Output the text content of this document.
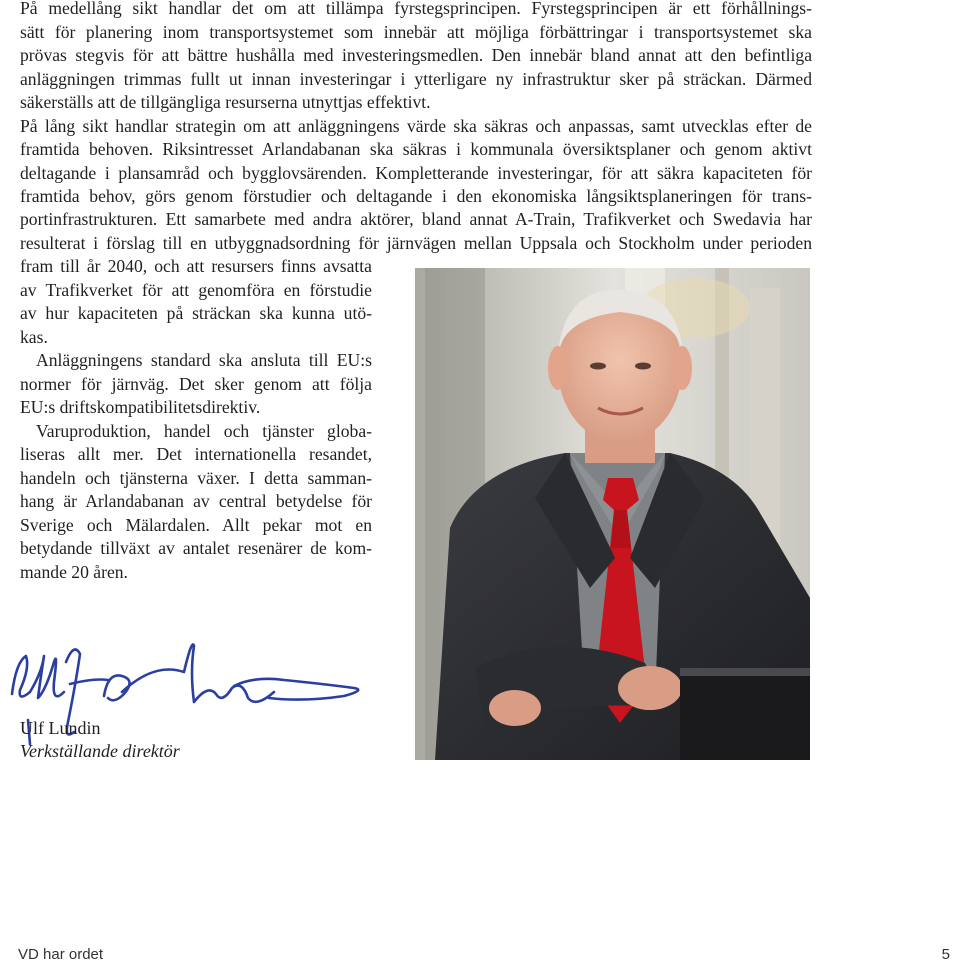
På medellång sikt handlar det om att tillämpa fyrstegsprincipen. Fyrstegsprincipen är ett förhållnings-

sätt för planering inom transportsystemet som innebär att möjliga förbättringar i transportsystemet ska

prövas stegvis för att bättre hushålla med investeringsmedlen. Den innebär bland annat att den befintliga

anläggningen trimmas fullt ut innan investeringar i ytterligare ny infrastruktur sker på sträckan. Därmed

säkerställs att de tillgängliga resurserna utnyttjas effektivt.

På lång sikt handlar strategin om att anläggningens värde ska säkras och anpassas, samt utvecklas efter de

framtida behoven. Riksintresset Arlandabanan ska säkras i kommunala översiktsplaner och genom aktivt

deltagande i plansamråd och bygglovsärenden. Kompletterande investeringar, för att säkra kapaciteten för

framtida behov, görs genom förstudier och deltagande i den ekonomiska långsiktsplaneringen för trans-

portinfrastrukturen. Ett samarbete med andra aktörer, bland annat A-Train, Trafikverket och Swedavia har

resulterat i förslag till en utbyggnadsordning för järnvägen mellan Uppsala och Stockholm under perioden

fram till år 2040, och att resursers finns avsatta

av Trafikverket för att genomföra en förstudie

av hur kapaciteten på sträckan ska kunna utö-

kas.

Anläggningens standard ska ansluta till EU:s

normer för järnväg. Det sker genom att följa

EU:s driftskompatibilitetsdirektiv.

Varuproduktion, handel och tjänster globa-

liseras allt mer. Det internationella resandet,

handeln och tjänsterna växer. I detta samman-

hang är Arlandabanan av central betydelse för

Sverige och Mälardalen. Allt pekar mot en

betydande tillväxt av antalet resenärer de kom-

mande 20 åren.

Ulf Lundin

Verkställande direktör

VD har ordet	5
